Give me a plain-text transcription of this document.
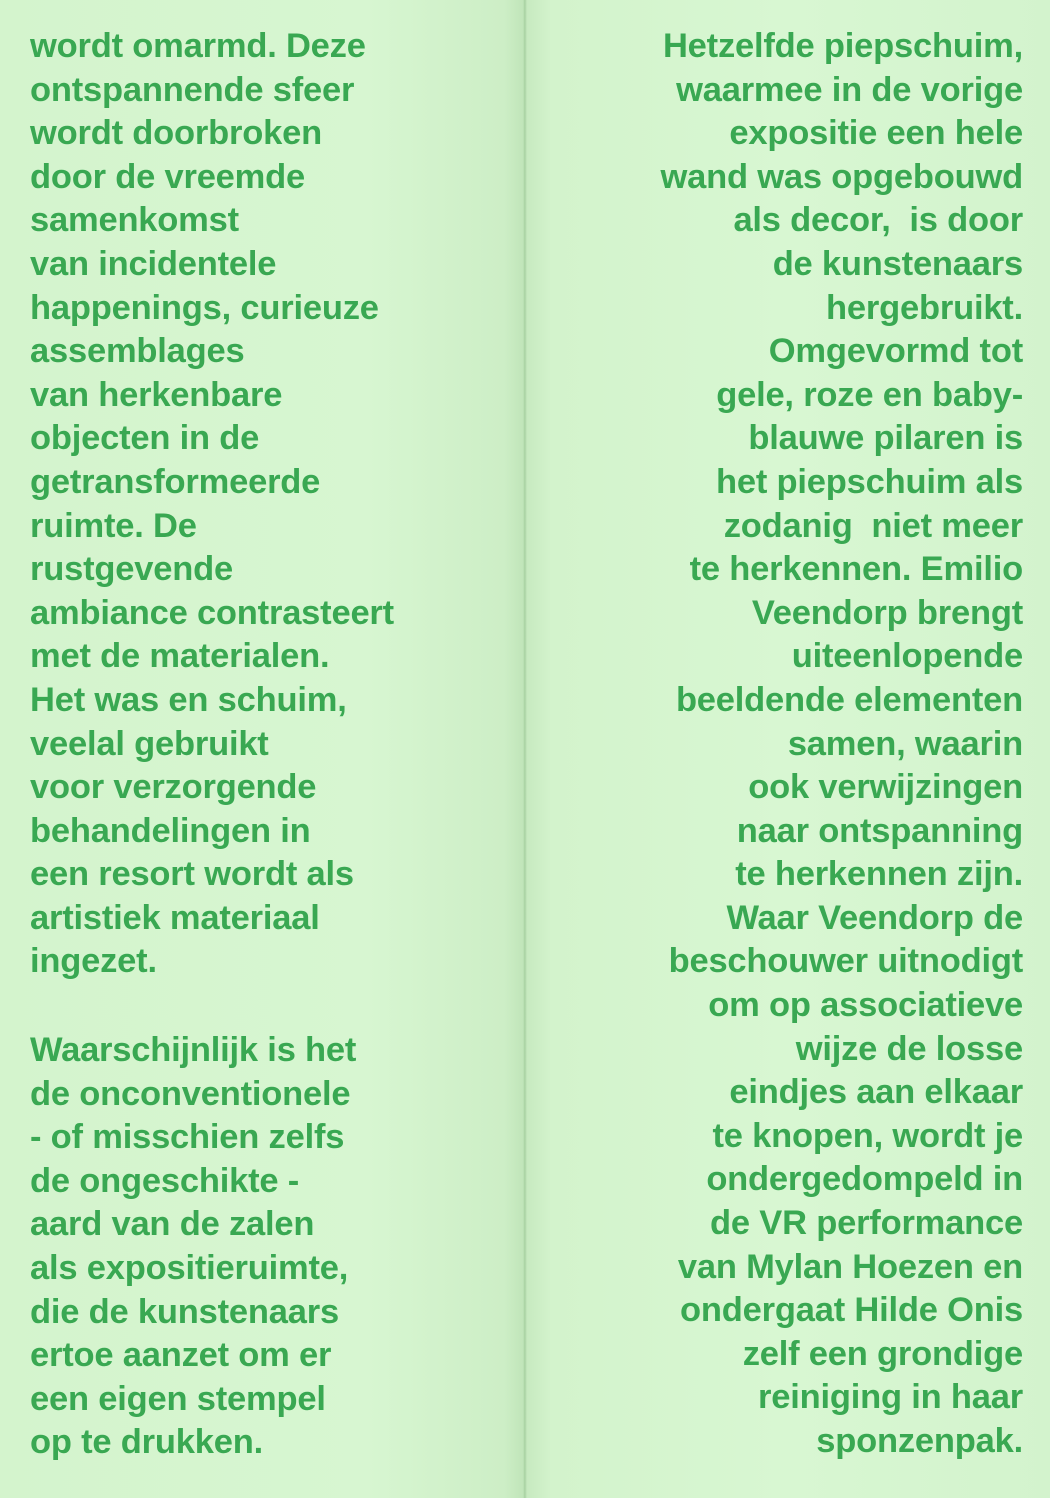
wordt omarmd. Deze
ontspannende sfeer
wordt doorbroken
door de vreemde
samenkomst
van incidentele
happenings, curieuze
assemblages
van herkenbare
objecten in de
getransformeerde
ruimte. De
rustgevende
ambiance contrasteert
met de materialen.
Het was en schuim,
veelal gebruikt
voor verzorgende
behandelingen in
een resort wordt als
artistiek materiaal
ingezet.
Waarschijnlijk is het
de onconventionele
- of misschien zelfs
de ongeschikte -
aard van de zalen
als expositieruimte,
die de kunstenaars
ertoe aanzet om er
een eigen stempel
op te drukken.
Hetzelfde piepschuim,
waarmee in de vorige
expositie een hele
wand was opgebouwd
als decor,  is door
de kunstenaars
hergebruikt.
Omgevormd tot
gele, roze en baby-
blauwe pilaren is
het piepschuim als
zodanig  niet meer
te herkennen. Emilio
Veendorp brengt
uiteenlopende
beeldende elementen
samen, waarin
ook verwijzingen
naar ontspanning
te herkennen zijn.
Waar Veendorp de
beschouwer uitnodigt
om op associatieve
wijze de losse
eindjes aan elkaar
te knopen, wordt je
ondergedompeld in
de VR performance
van Mylan Hoezen en
ondergaat Hilde Onis
zelf een grondige
reiniging in haar
sponzenpak.
